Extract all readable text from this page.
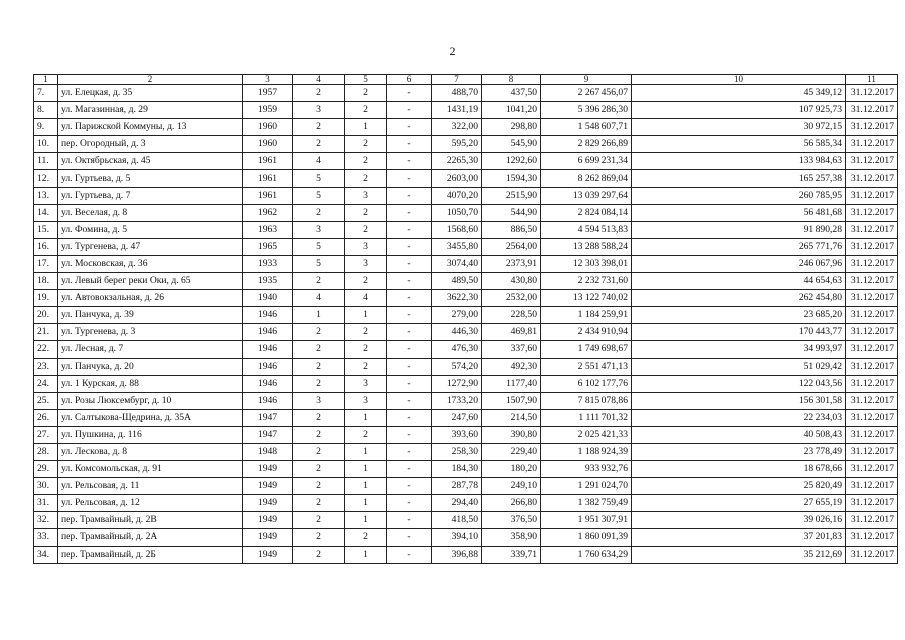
2
1	2	3	4	5	6	7	8	9	10	11
7.	ул. Елецкая, д. 35	1957	2	2	-	488,70	437,50	2 267 456,07	45 349,12	31.12.2017
8.	ул. Магазинная, д. 29	1959	3	2	-	1431,19	1041,20	5 396 286,30	107 925,73	31.12.2017
9.	ул. Парижской Коммуны, д. 13	1960	2	1	-	322,00	298,80	1 548 607,71	30 972,15	31.12.2017
10.	пер. Огородный, д. 3	1960	2	2	-	595,20	545,90	2 829 266,89	56 585,34	31.12.2017
11.	ул. Октябрьская, д. 45	1961	4	2	-	2265,30	1292,60	6 699 231,34	133 984,63	31.12.2017
12.	ул. Гуртьева, д. 5	1961	5	2	-	2603,00	1594,30	8 262 869,04	165 257,38	31.12.2017
13.	ул. Гуртьева, д. 7	1961	5	3	-	4070,20	2515,90	13 039 297,64	260 785,95	31.12.2017
14.	ул. Веселая, д. 8	1962	2	2	-	1050,70	544,90	2 824 084,14	56 481,68	31.12.2017
15.	ул. Фомина, д. 5	1963	3	2	-	1568,60	886,50	4 594 513,83	91 890,28	31.12.2017
16.	ул. Тургенева, д. 47	1965	5	3	-	3455,80	2564,00	13 288 588,24	265 771,76	31.12.2017
17.	ул. Московская, д. 36	1933	5	3	-	3074,40	2373,91	12 303 398,01	246 067,96	31.12.2017
18.	ул. Левый берег реки Оки, д. 65	1935	2	2	-	489,50	430,80	2 232 731,60	44 654,63	31.12.2017
19.	ул. Автовокзальная, д. 26	1940	4	4	-	3622,30	2532,00	13 122 740,02	262 454,80	31.12.2017
20.	ул. Панчука, д. 39	1946	1	1	-	279,00	228,50	1 184 259,91	23 685,20	31.12.2017
21.	ул. Тургенева, д. 3	1946	2	2	-	446,30	469,81	2 434 910,94	170 443,77	31.12.2017
22.	ул. Лесная, д. 7	1946	2	2	-	476,30	337,60	1 749 698,67	34 993,97	31.12.2017
23.	ул. Панчука, д. 20	1946	2	2	-	574,20	492,30	2 551 471,13	51 029,42	31.12.2017
24.	ул. 1 Курская, д. 88	1946	2	3	-	1272,90	1177,40	6 102 177,76	122 043,56	31.12.2017
25.	ул. Розы Люксембург, д. 10	1946	3	3	-	1733,20	1507,90	7 815 078,86	156 301,58	31.12.2017
26.	ул. Салтыкова-Щедрина, д. 35А	1947	2	1	-	247,60	214,50	1 111 701,32	22 234,03	31.12.2017
27.	ул. Пушкина, д. 116	1947	2	2	-	393,60	390,80	2 025 421,33	40 508,43	31.12.2017
28.	ул. Лескова, д. 8	1948	2	1	-	258,30	229,40	1 188 924,39	23 778,49	31.12.2017
29.	ул. Комсомольская, д. 91	1949	2	1	-	184,30	180,20	933 932,76	18 678,66	31.12.2017
30.	ул. Рельсовая, д. 11	1949	2	1	-	287,78	249,10	1 291 024,70	25 820,49	31.12.2017
31.	ул. Рельсовая, д. 12	1949	2	1	-	294,40	266,80	1 382 759,49	27 655,19	31.12.2017
32.	пер. Трамвайный, д. 2В	1949	2	1	-	418,50	376,50	1 951 307,91	39 026,16	31.12.2017
33.	пер. Трамвайный, д. 2А	1949	2	2	-	394,10	358,90	1 860 091,39	37 201,83	31.12.2017
34.	пер. Трамвайный, д. 2Б	1949	2	1	-	396,88	339,71	1 760 634,29	35 212,69	31.12.2017
